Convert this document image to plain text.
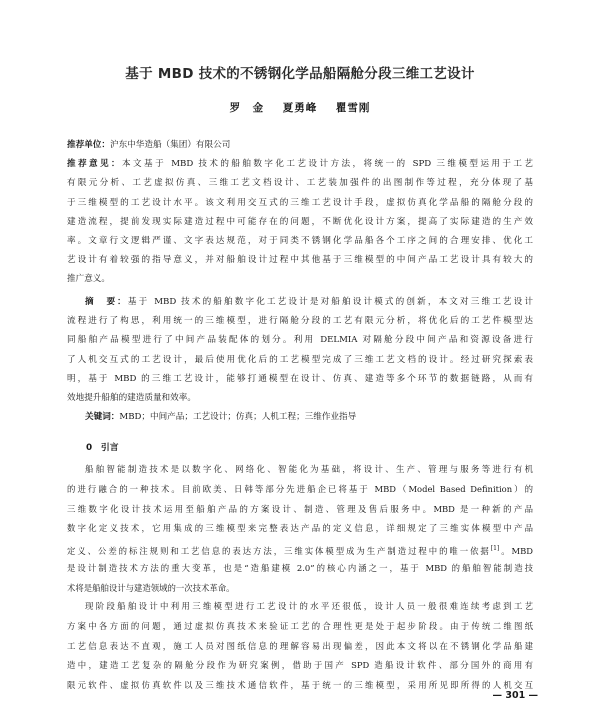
基于 MBD 技术的不锈钢化学品船隔舱分段三维工艺设计
罗　金 夏勇峰 瞿雪刚
推荐单位：沪东中华造船（集团）有限公司
推荐意见：本文基于 MBD 技术的船舶数字化工艺设计方法，将统一的 SPD 三维模型运用于工艺
有限元分析、工艺虚拟仿真、三维工艺文档设计、工艺装加强件的出图制作等过程，充分体现了基
于三维模型的工艺设计水平。该文利用交互式的三维工艺设计手段，虚拟仿真化学品船的隔舱分段的
建造流程，提前发现实际建造过程中可能存在的问题，不断优化设计方案，提高了实际建造的生产效
率。文章行文逻辑严谨、文字表达规范，对于同类不锈钢化学品船各个工序之间的合理安排、优化工
艺设计有着较强的指导意义，并对船舶设计过程中其他基于三维模型的中间产品工艺设计具有较大的
推广意义。
摘　要：基于 MBD 技术的船舶数字化工艺设计是对船舶设计模式的创新，本文对三维工艺设计
流程进行了构思，利用统一的三维模型，进行隔舱分段的工艺有限元分析，将优化后的工艺件模型达
同船舶产品模型进行了中间产品装配体的划分。利用 DELMIA 对隔舱分段中间产品和资源设备进行
了人机交互式的工艺设计，最后使用优化后的工艺模型完成了三维工艺文档的设计。经过研究探索表
明，基于 MBD 的三维工艺设计，能够打通模型在设计、仿真、建造等多个环节的数据链路，从而有
效地提升船舶的建造质量和效率。
关键词：MBD；中间产品；工艺设计；仿真；人机工程；三维作业指导
0　引言
船舶智能制造技术是以数字化、网络化、智能化为基础，将设计、生产、管理与服务等进行有机
的进行融合的一种技术。目前欧美、日韩等部分先进船企已将基于 MBD（Model Based Definition）的
三维数字化设计技术运用至船舶产品的方案设计、制造、管理及售后服务中。MBD 是一种新的产品
数字化定义技术，它用集成的三维模型来完整表达产品的定义信息，详细规定了三维实体模型中产品
定义、公差的标注规则和工艺信息的表达方法，三维实体模型成为生产制造过程中的唯一依据[1]。MBD
是设计制造技术方法的重大变革，也是“造船建模 2.0”的核心内涵之一，基于 MBD 的船舶智能制造技
术将是船舶设计与建造领域的一次技术革命。
现阶段船舶设计中利用三维模型进行工艺设计的水平还很低，设计人员一般很难连续考虑到工艺
方案中各方面的问题，通过虚拟仿真技术来验证工艺的合理性更是处于起步阶段。由于传统二维图纸
工艺信息表达不直观，施工人员对图纸信息的理解容易出现偏差，因此本文将以在不锈钢化学品船建
造中，建造工艺复杂的隔舱分段作为研究案例，借助于国产 SPD 造船设计软件、部分国外的商用有
限元软件、虚拟仿真软件以及三维技术通信软件，基于统一的三维模型，采用所见即所得的人机交互
— 301 —
